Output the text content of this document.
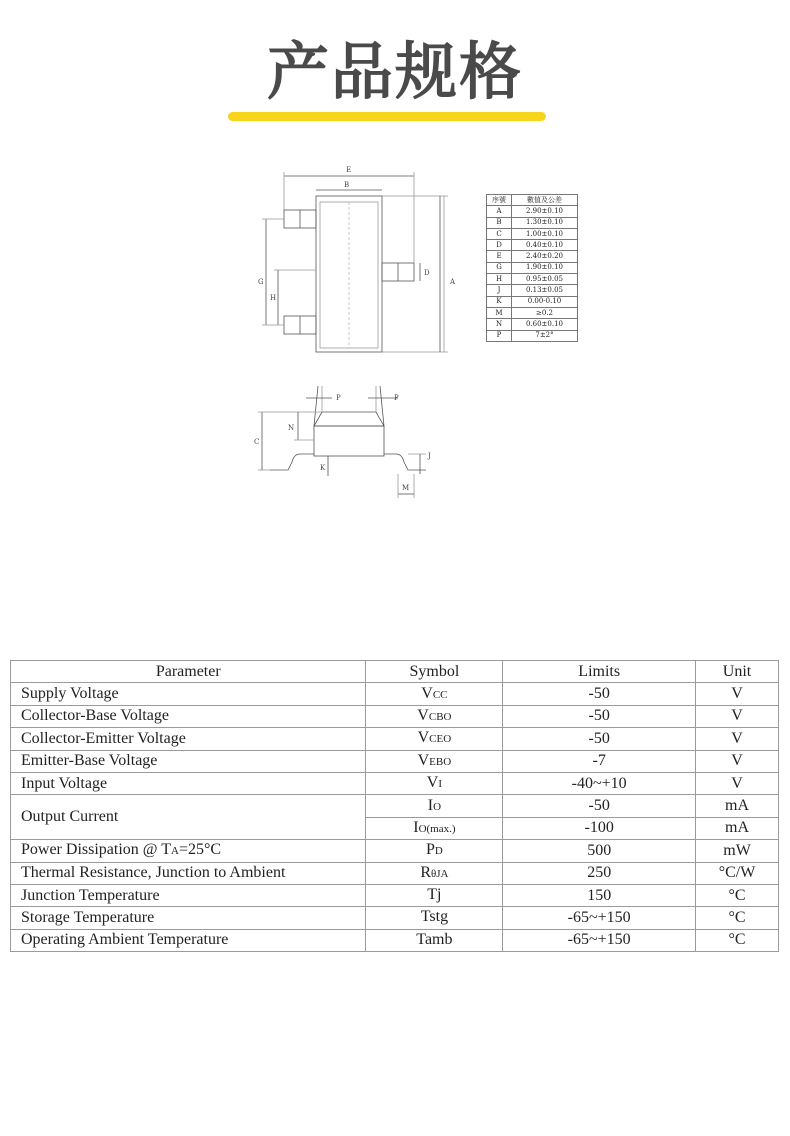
产品规格
E
B
G
H
D
A
P	P
C
N
K
J
M
序號	數值及公差
A	2.90±0.10
B	1.30±0.10
C	1.00±0.10
D	0.40±0.10
E	2.40±0.20
G	1.90±0.10
H	0.95±0.05
J	0.13±0.05
K	0.00-0.10
M	≥0.2
N	0.60±0.10
P	7±2°
Parameter	Symbol	Limits	Unit
Supply Voltage	VCC	-50	V
Collector-Base Voltage	VCBO	-50	V
Collector-Emitter Voltage	VCEO	-50	V
Emitter-Base Voltage	VEBO	-7	V
Input Voltage	VI	-40~+10	V
Output Current	IO	-50	mA
	IO(max.)	-100	mA
Power Dissipation @ TA=25°C	PD	500	mW
Thermal Resistance, Junction to Ambient	RθJA	250	°C/W
Junction Temperature	Tj	150	°C
Storage Temperature	Tstg	-65~+150	°C
Operating Ambient Temperature	Tamb	-65~+150	°C
